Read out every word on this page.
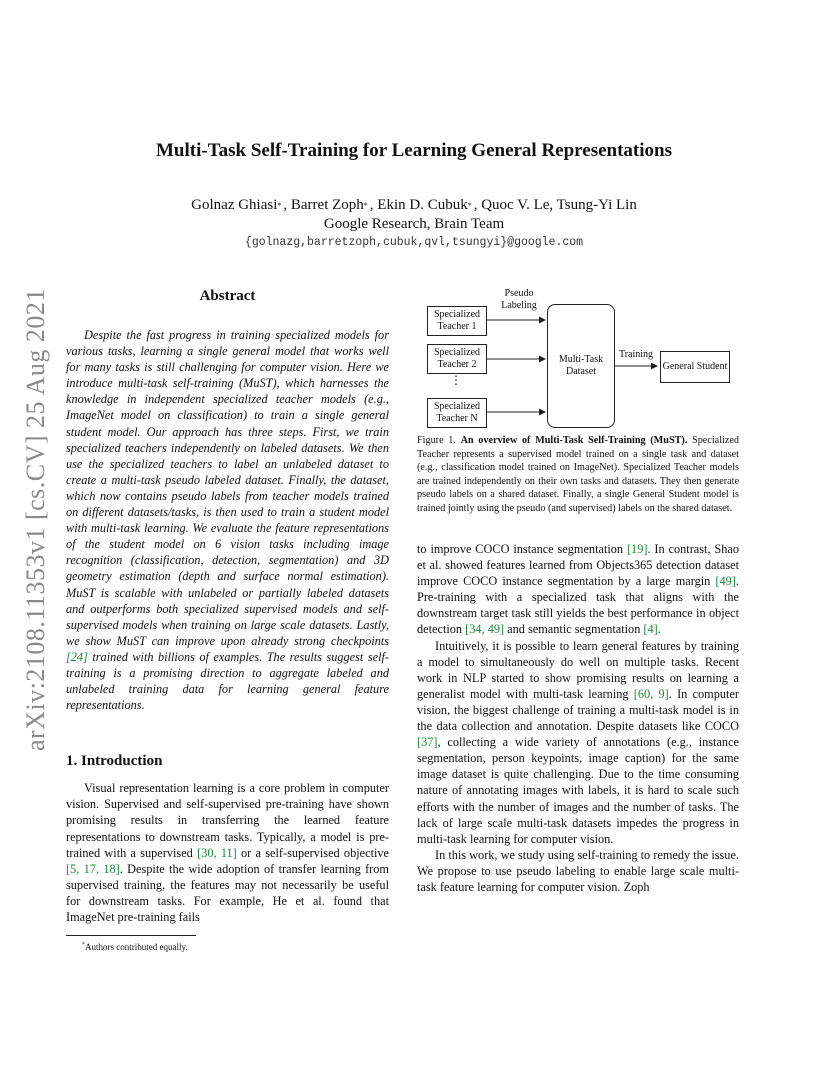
arXiv:2108.11353v1 [cs.CV] 25 Aug 2021
Multi-Task Self-Training for Learning General Representations
Golnaz Ghiasi* , Barret Zoph* , Ekin D. Cubuk* , Quoc V. Le, Tsung-Yi Lin
Google Research, Brain Team
{golnazg,barretzoph,cubuk,qvl,tsungyi}@google.com
Abstract

Despite the fast progress in training specialized models for various tasks, learning a single general model that works well for many tasks is still challenging for computer vision. Here we introduce multi-task self-training (MuST), which harnesses the knowledge in independent specialized teacher models (e.g., ImageNet model on classification) to train a single general student model. Our approach has three steps. First, we train specialized teachers independently on labeled datasets. We then use the specialized teachers to label an unlabeled dataset to create a multi-task pseudo labeled dataset. Finally, the dataset, which now contains pseudo labels from teacher models trained on different datasets/tasks, is then used to train a student model with multi-task learning. We evaluate the feature representations of the student model on 6 vision tasks including image recognition (classification, detection, segmentation) and 3D geometry estimation (depth and surface normal estimation). MuST is scalable with unlabeled or partially labeled datasets and outperforms both specialized supervised models and self-supervised models when training on large scale datasets. Lastly, we show MuST can improve upon already strong checkpoints [24] trained with billions of examples. The results suggest self-training is a promising direction to aggregate labeled and unlabeled training data for learning general feature representations.

1. Introduction

Visual representation learning is a core problem in computer vision. Supervised and self-supervised pre-training have shown promising results in transferring the learned feature representations to downstream tasks. Typically, a model is pre-trained with a supervised [30, 11] or a self-supervised objective [5, 17, 18]. Despite the wide adoption of transfer learning from supervised training, the features may not necessarily be useful for downstream tasks. For example, He et al. found that ImageNet pre-training fails

*Authors contributed equally.
Specialized Teacher 1
Specialized Teacher 2
⋮
Specialized Teacher N
Pseudo Labeling
Multi-Task Dataset
Training
General Student

Figure 1. An overview of Multi-Task Self-Training (MuST). Specialized Teacher represents a supervised model trained on a single task and dataset (e.g., classification model trained on ImageNet). Specialized Teacher models are trained independently on their own tasks and datasets. They then generate pseudo labels on a shared dataset. Finally, a single General Student model is trained jointly using the pseudo (and supervised) labels on the shared dataset.

to improve COCO instance segmentation [19]. In contrast, Shao et al. showed features learned from Objects365 detection dataset improve COCO instance segmentation by a large margin [49]. Pre-training with a specialized task that aligns with the downstream target task still yields the best performance in object detection [34, 49] and semantic segmentation [4].

Intuitively, it is possible to learn general features by training a model to simultaneously do well on multiple tasks. Recent work in NLP started to show promising results on learning a generalist model with multi-task learning [60, 9]. In computer vision, the biggest challenge of training a multi-task model is in the data collection and annotation. Despite datasets like COCO [37], collecting a wide variety of annotations (e.g., instance segmentation, person keypoints, image caption) for the same image dataset is quite challenging. Due to the time consuming nature of annotating images with labels, it is hard to scale such efforts with the number of images and the number of tasks. The lack of large scale multi-task datasets impedes the progress in multi-task learning for computer vision.

In this work, we study using self-training to remedy the issue. We propose to use pseudo labeling to enable large scale multi-task feature learning for computer vision. Zoph
